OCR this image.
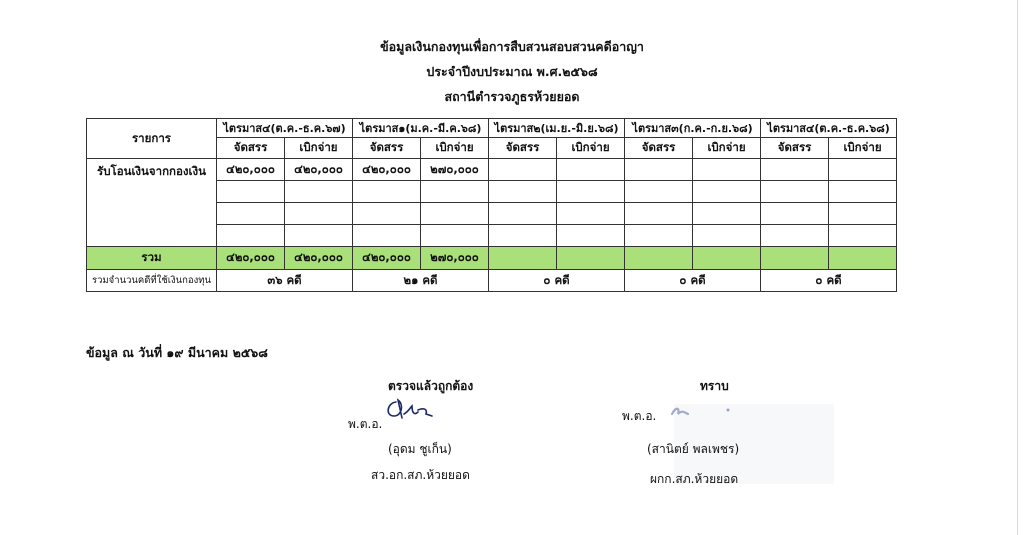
ข้อมูลเงินกองทุนเพื่อการสืบสวนสอบสวนคดีอาญา
ประจำปีงบประมาณ พ.ศ.๒๕๖๘
สถานีตำรวจภูธรห้วยยอด
รายการ	ไตรมาส๔(ต.ค.-ธ.ค.๖๗)		ไตรมาส๑(ม.ค.-มี.ค.๖๘)		ไตรมาส๒(เม.ย.-มิ.ย.๖๘)		ไตรมาส๓(ก.ค.-ก.ย.๖๘)		ไตรมาส๔(ต.ค.-ธ.ค.๖๘)	
	จัดสรร	เบิกจ่าย	จัดสรร	เบิกจ่าย	จัดสรร	เบิกจ่าย	จัดสรร	เบิกจ่าย	จัดสรร	เบิกจ่าย
รับโอนเงินจากกองเงิน	๔๒๐,๐๐๐	๔๒๐,๐๐๐	๔๒๐,๐๐๐	๒๗๐,๐๐๐						

รวม	๔๒๐,๐๐๐	๔๒๐,๐๐๐	๔๒๐,๐๐๐	๒๗๐,๐๐๐						
รวมจำนวนคดีที่ใช้เงินกองทุน	๓๖ คดี		๒๑ คดี		๐ คดี		๐ คดี		๐ คดี	
ข้อมูล ณ วันที่ ๑๙ มีนาคม ๒๕๖๘
ตรวจแล้วถูกต้อง
พ.ต.อ.
(อุดม ชูเก็น)
สว.อก.สภ.ห้วยยอด
ทราบ
พ.ต.อ.
(สานิตย์ พลเพชร)
ผกก.สภ.ห้วยยอด
